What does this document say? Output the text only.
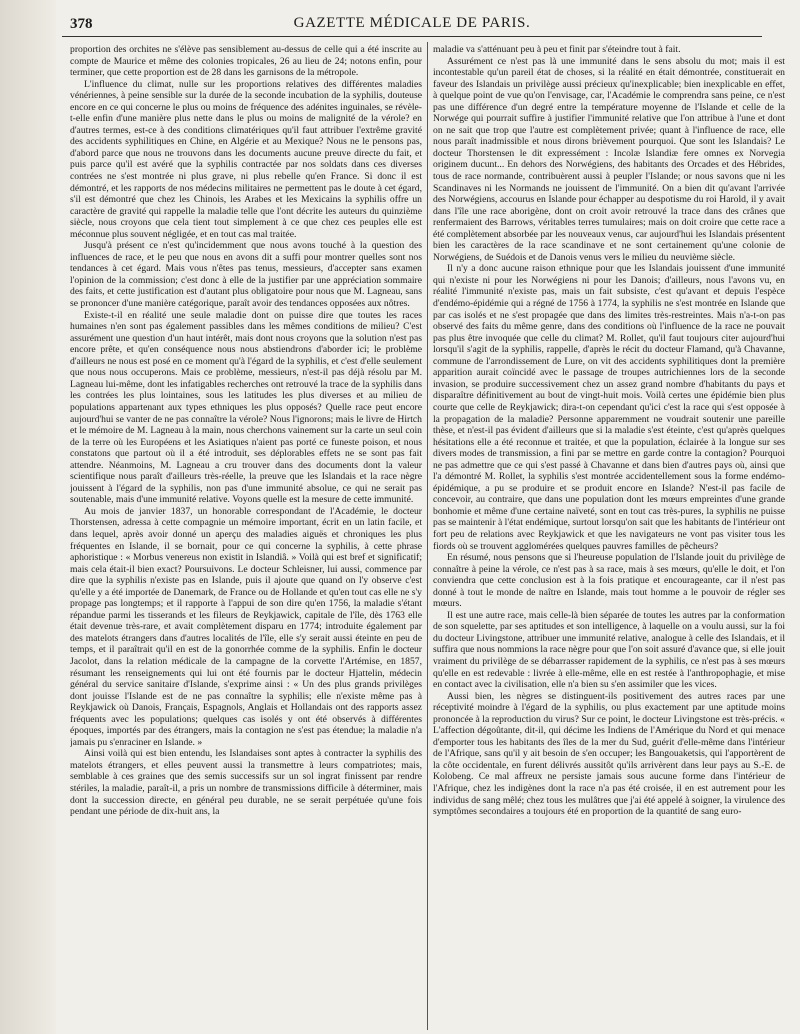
378	GAZETTE MÉDICALE DE PARIS.

proportion des orchites ne s'élève pas sensiblement au-dessus de celle qui a été inscrite au compte de Maurice et même des colonies tropicales, 26 au lieu de 24; notons enfin, pour terminer, que cette proportion est de 28 dans les garnisons de la métropole.

L'influence du climat, nulle sur les proportions relatives des différentes maladies vénériennes, à peine sensible sur la durée de la seconde incubation de la syphilis, douteuse encore en ce qui concerne le plus ou moins de fréquence des adénites inguinales, se révèle-t-elle enfin d'une manière plus nette dans le plus ou moins de malignité de la vérole? en d'autres termes, est-ce à des conditions climatériques qu'il faut attribuer l'extrême gravité des accidents syphilitiques en Chine, en Algérie et au Mexique? Nous ne le pensons pas, d'abord parce que nous ne trouvons dans les documents aucune preuve directe du fait, et puis parce qu'il est avéré que la syphilis contractée par nos soldats dans ces diverses contrées ne s'est montrée ni plus grave, ni plus rebelle qu'en France. Si donc il est démontré, et les rapports de nos médecins militaires ne permettent pas le doute à cet égard, s'il est démontré que chez les Chinois, les Arabes et les Mexicains la syphilis offre un caractère de gravité qui rappelle la maladie telle que l'ont décrite les auteurs du quinzième siècle, nous croyons que cela tient tout simplement à ce que chez ces peuples elle est méconnue plus souvent négligée, et en tout cas mal traitée.

Jusqu'à présent ce n'est qu'incidemment que nous avons touché à la question des influences de race, et le peu que nous en avons dit a suffi pour montrer quelles sont nos tendances à cet égard. Mais vous n'êtes pas tenus, messieurs, d'accepter sans examen l'opinion de la commission; c'est donc à elle de la justifier par une appréciation sommaire des faits, et cette justification est d'autant plus obligatoire pour nous que M. Lagneau, sans se prononcer d'une manière catégorique, paraît avoir des tendances opposées aux nôtres.

Existe-t-il en réalité une seule maladie dont on puisse dire que toutes les races humaines n'en sont pas également passibles dans les mêmes conditions de milieu? C'est assurément une question d'un haut intérêt, mais dont nous croyons que la solution n'est pas encore prête, et qu'en conséquence nous nous abstiendrons d'aborder ici; le problème d'ailleurs ne nous est posé en ce moment qu'à l'égard de la syphilis, et c'est d'elle seulement que nous nous occuperons. Mais ce problème, messieurs, n'est-il pas déjà résolu par M. Lagneau lui-même, dont les infatigables recherches ont retrouvé la trace de la syphilis dans les contrées les plus lointaines, sous les latitudes les plus diverses et au milieu de populations appartenant aux types ethniques les plus opposés? Quelle race peut encore aujourd'hui se vanter de ne pas connaître la vérole? Nous l'ignorons; mais le livre de Hirtch et le mémoire de M. Lagneau à la main, nous cherchons vainement sur la carte un seul coin de la terre où les Européens et les Asiatiques n'aient pas porté ce funeste poison, et nous constatons que partout où il a été introduit, ses déplorables effets ne se sont pas fait attendre. Néanmoins, M. Lagneau a cru trouver dans des documents dont la valeur scientifique nous paraît d'ailleurs très-réelle, la preuve que les Islandais et la race nègre jouissent à l'égard de la syphilis, non pas d'une immunité absolue, ce qui ne serait pas soutenable, mais d'une immunité relative. Voyons quelle est la mesure de cette immunité.

Au mois de janvier 1837, un honorable correspondant de l'Académie, le docteur Thorstensen, adressa à cette compagnie un mémoire important, écrit en un latin facile, et dans lequel, après avoir donné un aperçu des maladies aiguës et chroniques les plus fréquentes en Islande, il se bornait, pour ce qui concerne la syphilis, à cette phrase aphoristique : « Morbus venereus non existit in Islandiâ. » Voilà qui est bref et significatif; mais cela était-il bien exact? Poursuivons. Le docteur Schleisner, lui aussi, commence par dire que la syphilis n'existe pas en Islande, puis il ajoute que quand on l'y observe c'est qu'elle y a été importée de Danemark, de France ou de Hollande et qu'en tout cas elle ne s'y propage pas longtemps; et il rapporte à l'appui de son dire qu'en 1756, la maladie s'étant répandue parmi les tisserands et les fileurs de Reykjawick, capitale de l'île, dès 1763 elle était devenue très-rare, et avait complètement disparu en 1774; introduite également par des matelots étrangers dans d'autres localités de l'île, elle s'y serait aussi éteinte en peu de temps, et il paraîtrait qu'il en est de la gonorrhée comme de la syphilis. Enfin le docteur Jacolot, dans la relation médicale de la campagne de la corvette l'Artémise, en 1857, résumant les renseignements qui lui ont été fournis par le docteur Hjattelin, médecin général du service sanitaire d'Islande, s'exprime ainsi : « Un des plus grands privilèges dont jouisse l'Islande est de ne pas connaître la syphilis; elle n'existe même pas à Reykjawick où Danois, Français, Espagnols, Anglais et Hollandais ont des rapports assez fréquents avec les populations; quelques cas isolés y ont été observés à différentes époques, importés par des étrangers, mais la contagion ne s'est pas étendue; la maladie n'a jamais pu s'enraciner en Islande. »

Ainsi voilà qui est bien entendu, les Islandaises sont aptes à contracter la syphilis des matelots étrangers, et elles peuvent aussi la transmettre à leurs compatriotes; mais, semblable à ces graines que des semis successifs sur un sol ingrat finissent par rendre stériles, la maladie, paraît-il, a pris un nombre de transmissions difficile à déterminer, mais dont la succession directe, en général peu durable, ne se serait perpétuée qu'une fois pendant une période de dix-huit ans, la

maladie va s'atténuant peu à peu et finit par s'éteindre tout à fait.

Assurément ce n'est pas là une immunité dans le sens absolu du mot; mais il est incontestable qu'un pareil état de choses, si la réalité en était démontrée, constituerait en faveur des Islandais un privilège aussi précieux qu'inexplicable; bien inexplicable en effet, à quelque point de vue qu'on l'envisage, car, l'Académie le comprendra sans peine, ce n'est pas une différence d'un degré entre la température moyenne de l'Islande et celle de la Norwége qui pourrait suffire à justifier l'immunité relative que l'on attribue à l'une et dont on ne sait que trop que l'autre est complètement privée; quant à l'influence de race, elle nous paraît inadmissible et nous dirons brièvement pourquoi. Que sont les Islandais? Le docteur Thorstensen le dit expressément : Incolæ Islandiæ fere omnes ex Norvegia originem ducunt... En dehors des Norwégiens, des habitants des Orcades et des Hébrides, tous de race normande, contribuèrent aussi à peupler l'Islande; or nous savons que ni les Scandinaves ni les Normands ne jouissent de l'immunité. On a bien dit qu'avant l'arrivée des Norwégiens, accourus en Islande pour échapper au despotisme du roi Harold, il y avait dans l'île une race aborigène, dont on croit avoir retrouvé la trace dans des crânes que renfermaient des Barrows, véritables terres tumulaires; mais on doit croire que cette race a été complètement absorbée par les nouveaux venus, car aujourd'hui les Islandais présentent bien les caractères de la race scandinave et ne sont certainement qu'une colonie de Norwégiens, de Suédois et de Danois venus vers le milieu du neuvième siècle.

Il n'y a donc aucune raison ethnique pour que les Islandais jouissent d'une immunité qui n'existe ni pour les Norwégiens ni pour les Danois; d'ailleurs, nous l'avons vu, en réalité l'immunité n'existe pas, mais un fait subsiste, c'est qu'avant et depuis l'espèce d'endémo-épidémie qui a régné de 1756 à 1774, la syphilis ne s'est montrée en Islande que par cas isolés et ne s'est propagée que dans des limites très-restreintes. Mais n'a-t-on pas observé des faits du même genre, dans des conditions où l'influence de la race ne pouvait pas plus être invoquée que celle du climat? M. Rollet, qu'il faut toujours citer aujourd'hui lorsqu'il s'agit de la syphilis, rappelle, d'après le récit du docteur Flamand, qu'à Chavanne, commune de l'arrondissement de Lure, on vit des accidents syphilitiques dont la première apparition aurait coïncidé avec le passage de troupes autrichiennes lors de la seconde invasion, se produire successivement chez un assez grand nombre d'habitants du pays et disparaître définitivement au bout de vingt-huit mois. Voilà certes une épidémie bien plus courte que celle de Reykjawick; dira-t-on cependant qu'ici c'est la race qui s'est opposée à la propagation de la maladie? Personne apparemment ne voudrait soutenir une pareille thèse, et n'est-il pas évident d'ailleurs que si la maladie s'est éteinte, c'est qu'après quelques hésitations elle a été reconnue et traitée, et que la population, éclairée à la longue sur ses divers modes de transmission, a fini par se mettre en garde contre la contagion? Pourquoi ne pas admettre que ce qui s'est passé à Chavanne et dans bien d'autres pays où, ainsi que l'a démontré M. Rollet, la syphilis s'est montrée accidentellement sous la forme endémo-épidémique, a pu se produire et se produit encore en Islande? N'est-il pas facile de concevoir, au contraire, que dans une population dont les mœurs empreintes d'une grande bonhomie et même d'une certaine naïveté, sont en tout cas très-pures, la syphilis ne puisse pas se maintenir à l'état endémique, surtout lorsqu'on sait que les habitants de l'intérieur ont fort peu de relations avec Reykjawick et que les navigateurs ne vont pas visiter tous les fiords où se trouvent agglomérées quelques pauvres familles de pêcheurs?

En résumé, nous pensons que si l'heureuse population de l'Islande jouit du privilège de connaître à peine la vérole, ce n'est pas à sa race, mais à ses mœurs, qu'elle le doit, et l'on conviendra que cette conclusion est à la fois pratique et encourageante, car il n'est pas donné à tout le monde de naître en Islande, mais tout homme a le pouvoir de régler ses mœurs.

Il est une autre race, mais celle-là bien séparée de toutes les autres par la conformation de son squelette, par ses aptitudes et son intelligence, à laquelle on a voulu aussi, sur la foi du docteur Livingstone, attribuer une immunité relative, analogue à celle des Islandais, et il suffira que nous nommions la race nègre pour que l'on soit assuré d'avance que, si elle jouit vraiment du privilège de se débarrasser rapidement de la syphilis, ce n'est pas à ses mœurs qu'elle en est redevable : livrée à elle-même, elle en est restée à l'anthropophagie, et mise en contact avec la civilisation, elle n'a bien su s'en assimiler que les vices.

Aussi bien, les nègres se distinguent-ils positivement des autres races par une réceptivité moindre à l'égard de la syphilis, ou plus exactement par une aptitude moins prononcée à la reproduction du virus? Sur ce point, le docteur Livingstone est très-précis. « L'affection dégoûtante, dit-il, qui décime les Indiens de l'Amérique du Nord et qui menace d'emporter tous les habitants des îles de la mer du Sud, guérit d'elle-même dans l'intérieur de l'Afrique, sans qu'il y ait besoin de s'en occuper; les Bangouaketsis, qui l'apportèrent de la côte occidentale, en furent délivrés aussitôt qu'ils arrivèrent dans leur pays au S.-E. de Kolobeng. Ce mal affreux ne persiste jamais sous aucune forme dans l'intérieur de l'Afrique, chez les indigènes dont la race n'a pas été croisée, il en est autrement pour les individus de sang mêlé; chez tous les mulâtres que j'ai été appelé à soigner, la virulence des symptômes secondaires a toujours été en proportion de la quantité de sang euro-
